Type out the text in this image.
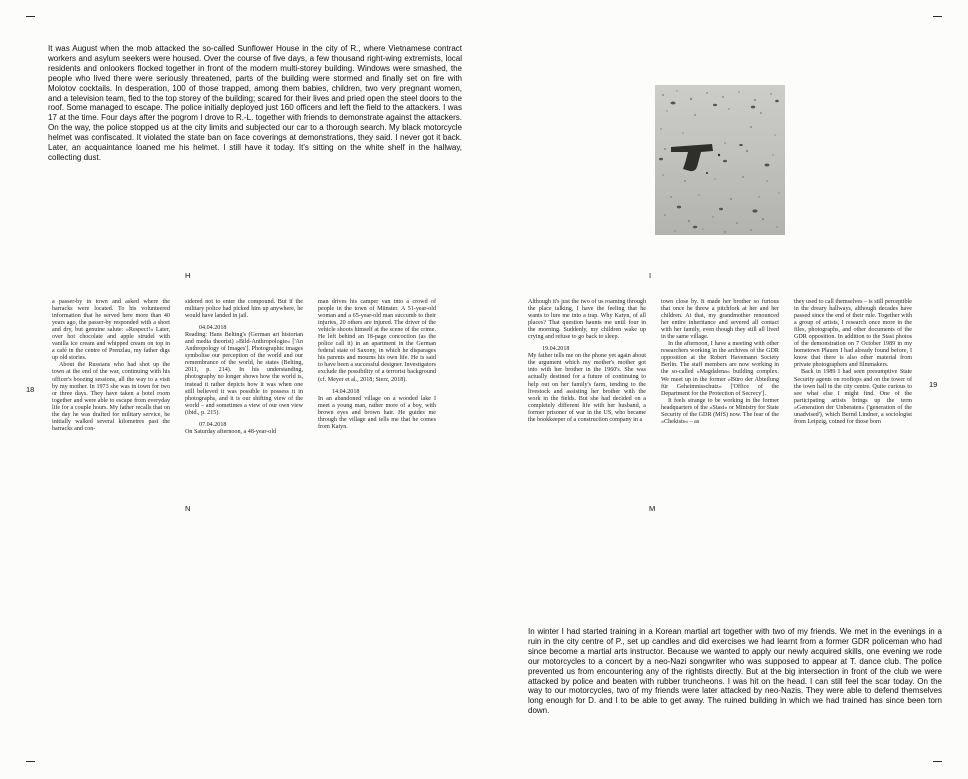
It was August when the mob attacked the so-called Sunflower House in the city of R., where Vietnamese contract workers and asylum seekers were housed. Over the course of five days, a few thousand right-wing extremists, local residents and onlookers flocked together in front of the modern multi-storey building. Windows were smashed, the people who lived there were seriously threatened, parts of the building were stormed and finally set on fire with Molotov cocktails. In desperation, 100 of those trapped, among them babies, children, two very pregnant women, and a television team, fled to the top storey of the building; scared for their lives and pried open the steel doors to the roof. Some managed to escape. The police initially deployed just 160 officers and left the field to the attackers. I was 17 at the time. Four days after the pogrom I drove to R.-L. together with friends to demonstrate against the attackers. On the way, the police stopped us at the city limits and subjected our car to a thorough search. My black motorcycle helmet was confiscated. It violated the state ban on face coverings at demonstrations, they said. I never got it back. Later, an acquaintance loaned me his helmet. I still have it today. It's sitting on the white shelf in the hallway, collecting dust.

H	I
18
19

a passer-by in town and asked where the barracks were located. To his volunteered information that he served here more than 40 years ago, the passer-by responded with a short and dry, but genuine salute: »Respect!« Later, over hot chocolate and apple strudel with vanilla ice cream and whipped cream on top in a café in the centre of Prenzlau, my father digs up old stories.

About the Russians who had shot up the town at the end of the war, continuing with his officer's boozing sessions, all the way to a visit by my mother. In 1973 she was in town for two or three days. They have taken a hotel room together and were able to escape from everyday life for a couple hours. My father recalls that on the day he was drafted for military service, he initially walked several kilometres past the barracks and con-

sidered not to enter the compound. But if the military police had picked him up anywhere, he would have landed in jail.

04.04.2018

Reading: Hans Belting's (German art historian and media theorist) »Bild-Anthropologie« ['An Anthropology of Images']. Photographic images symbolise our perception of the world and our remembrance of the world, he states (Belting, 2011, p. 214). In his understanding, photography no longer shows how the world is, instead it rather depicts how it was when one still believed it was possible to possess it in photographs, and it is our shifting view of the world – and sometimes a view of our own view (ibid., p. 215).

07.04.2018

On Saturday afternoon, a 48-year-old

man drives his camper van into a crowd of people in the town of Münster. A 51-year-old woman and a 65-year-old man succumb to their injuries, 20 others are injured. The driver of the vehicle shoots himself at the scene of the crime. He left behind an 18-page concoction (as the police call it) in an apartment in the German federal state of Saxony, in which he disparages his parents and mourns his own life. He is said to have been a successful designer. Investigators exclude the possibility of a terrorist background (cf. Meyer et al., 2018; Sterz, 2018).

14.04.2018

In an abandoned village on a wooded lake I meet a young man, rather more of a boy, with brown eyes and brown hair. He guides me through the village and tells me that he comes from Katyn.

Although it's just the two of us roaming through the place talking, I have the feeling that he wants to lure me into a trap. Why Katyn, of all places? That question haunts me until four in the morning. Suddenly, my children wake up crying and refuse to go back to sleep.

19.04.2018

My father tells me on the phone yet again about the argument which my mother's mother got into with her brother in the 1960's. She was actually destined for a future of continuing to help out on her family's farm, tending to the livestock and assisting her brother with the work in the fields. But she had decided on a completely different life with her husband, a former prisoner of war in the US, who became the bookkeeper of a construction company in a

town close by. It made her brother so furious that once he threw a pitchfork at her and her children. At that, my grandmother renounced her entire inheritance and severed all contact with her family, even though they still all lived in the same village.

In the afternoon, I have a meeting with other researchers working in the archives of the GDR opposition at the Robert Havemann Society Berlin. The staff members are now working in the so-called »Magdalena« building complex. We meet up in the former »Büro der Abteilung für Geheimnisschutz« ['Office of the Department for the Protection of Secrecy'].

It feels strange to be working in the former headquarters of the »Stasi« or Ministry for State Security of the GDR (MfS) now. The fear of the »Chekists« – as

they used to call themselves – is still perceptible in the dreary hallways, although decades have passed since the end of their rule. Together with a group of artists, I research once more in the files, photographs, and other documents of the GDR opposition. In addition to the Stasi photos of the demonstration on 7 October 1989 in my hometown Plauen I had already found before, I know that there is also other material from private photographers and filmmakers.

Back in 1989 I had seen presumptive State Security agents on rooftops and on the tower of the town hall in the city centre. Quite curious to see what else I might find. One of the participating artists brings up the term »Generation der Unberaten« ('generation of the unadvised'), which Bernd Lindner, a sociologist from Leipzig, coined for those born

N	M

In winter I had started training in a Korean martial art together with two of my friends. We met in the evenings in a ruin in the city centre of P., set up candles and did exercises we had learnt from a former GDR policeman who had since become a martial arts instructor. Because we wanted to apply our newly acquired skills, one evening we rode our motorcycles to a concert by a neo-Nazi songwriter who was supposed to appear at T. dance club. The police prevented us from encountering any of the rightists directly. But at the big intersection in front of the club we were attacked by police and beaten with rubber truncheons. I was hit on the head. I can still feel the scar today. On the way to our motorcycles, two of my friends were later attacked by neo-Nazis. They were able to defend themselves long enough for D. and I to be able to get away. The ruined building in which we had trained has since been torn down.
